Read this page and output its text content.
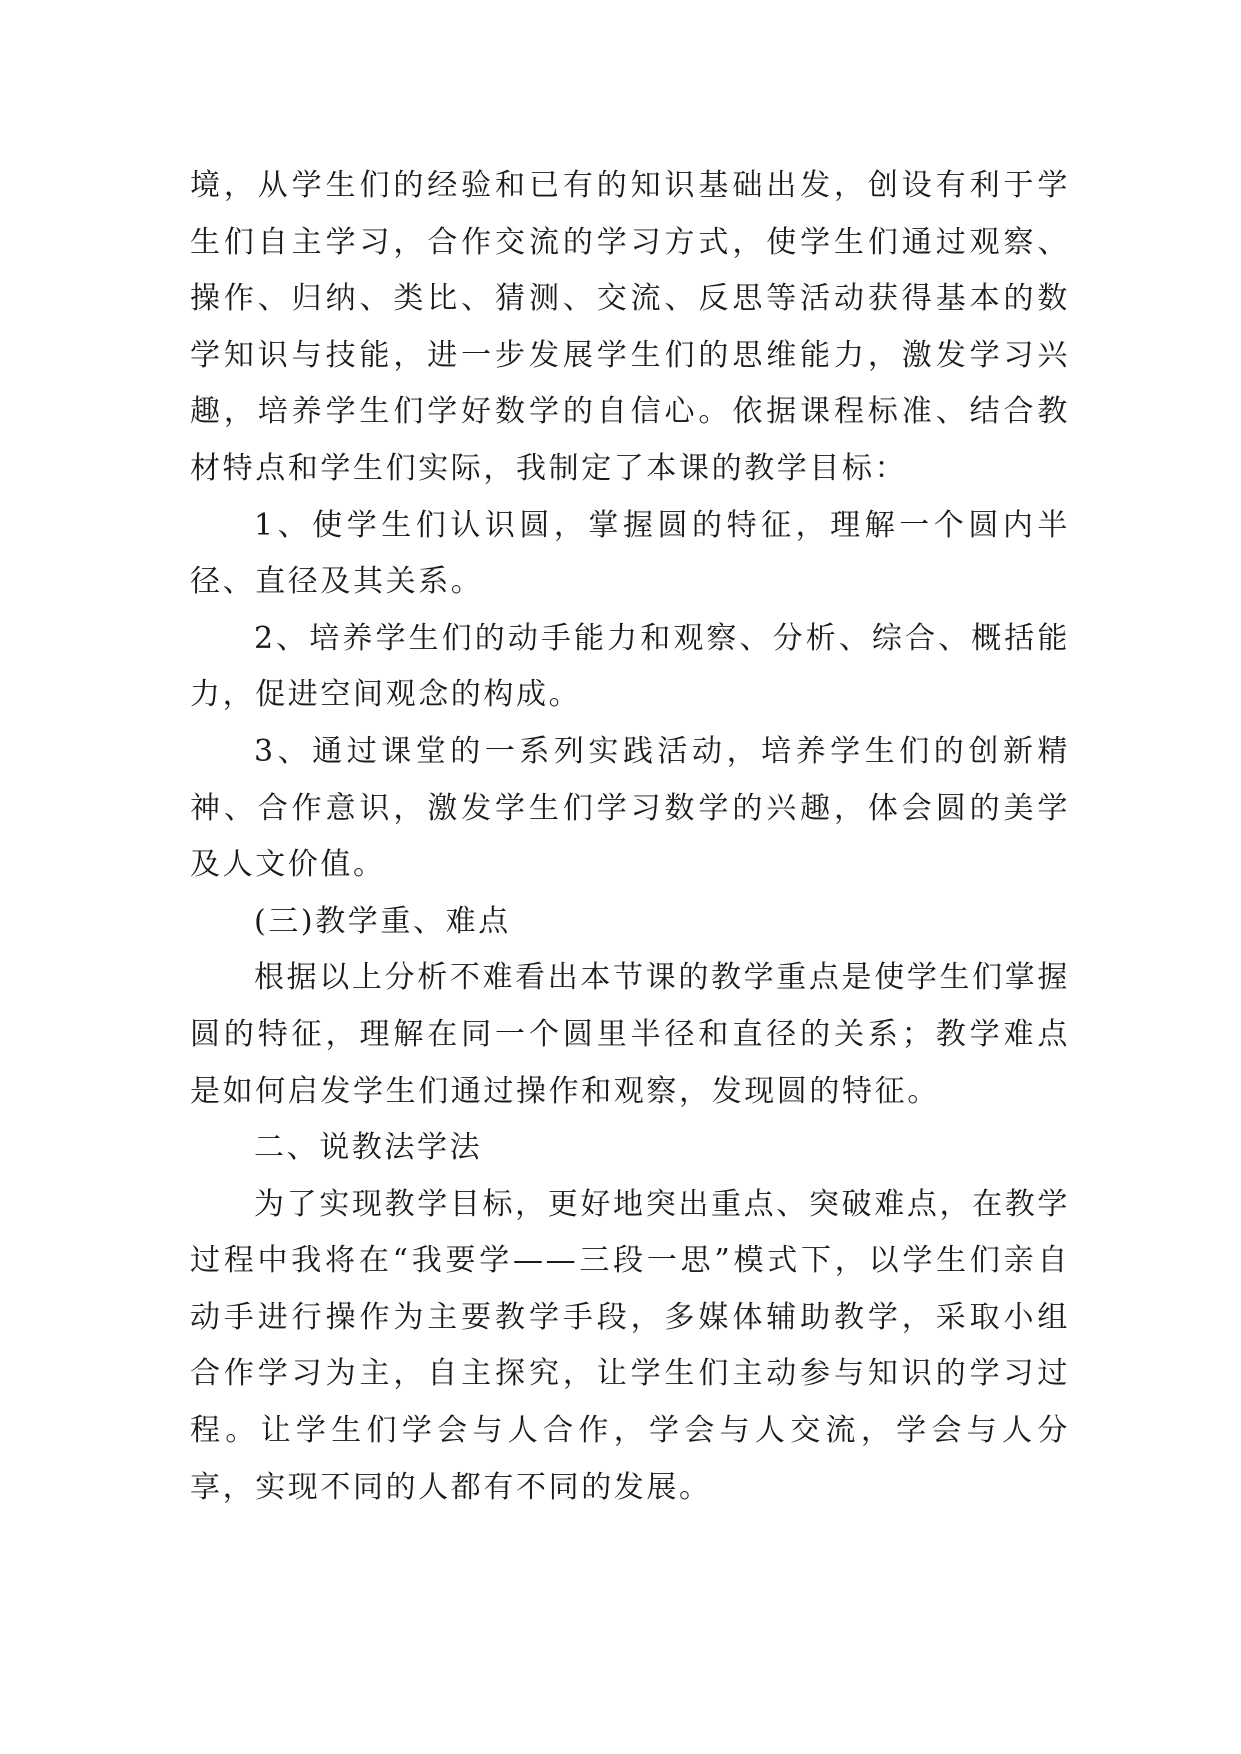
境，从学生们的经验和已有的知识基础出发，创设有利于学生们自主学习，合作交流的学习方式，使学生们通过观察、操作、归纳、类比、猜测、交流、反思等活动获得基本的数学知识与技能，进一步发展学生们的思维能力，激发学习兴趣，培养学生们学好数学的自信心。依据课程标准、结合教材特点和学生们实际，我制定了本课的教学目标：

1、使学生们认识圆，掌握圆的特征，理解一个圆内半径、直径及其关系。

2、培养学生们的动手能力和观察、分析、综合、概括能力，促进空间观念的构成。

3、通过课堂的一系列实践活动，培养学生们的创新精神、合作意识，激发学生们学习数学的兴趣，体会圆的美学及人文价值。

(三)教学重、难点

根据以上分析不难看出本节课的教学重点是使学生们掌握圆的特征，理解在同一个圆里半径和直径的关系；教学难点是如何启发学生们通过操作和观察，发现圆的特征。

二、说教法学法

为了实现教学目标，更好地突出重点、突破难点，在教学过程中我将在“我要学——三段一思”模式下，以学生们亲自动手进行操作为主要教学手段，多媒体辅助教学，采取小组合作学习为主，自主探究，让学生们主动参与知识的学习过程。让学生们学会与人合作，学会与人交流，学会与人分享，实现不同的人都有不同的发展。
